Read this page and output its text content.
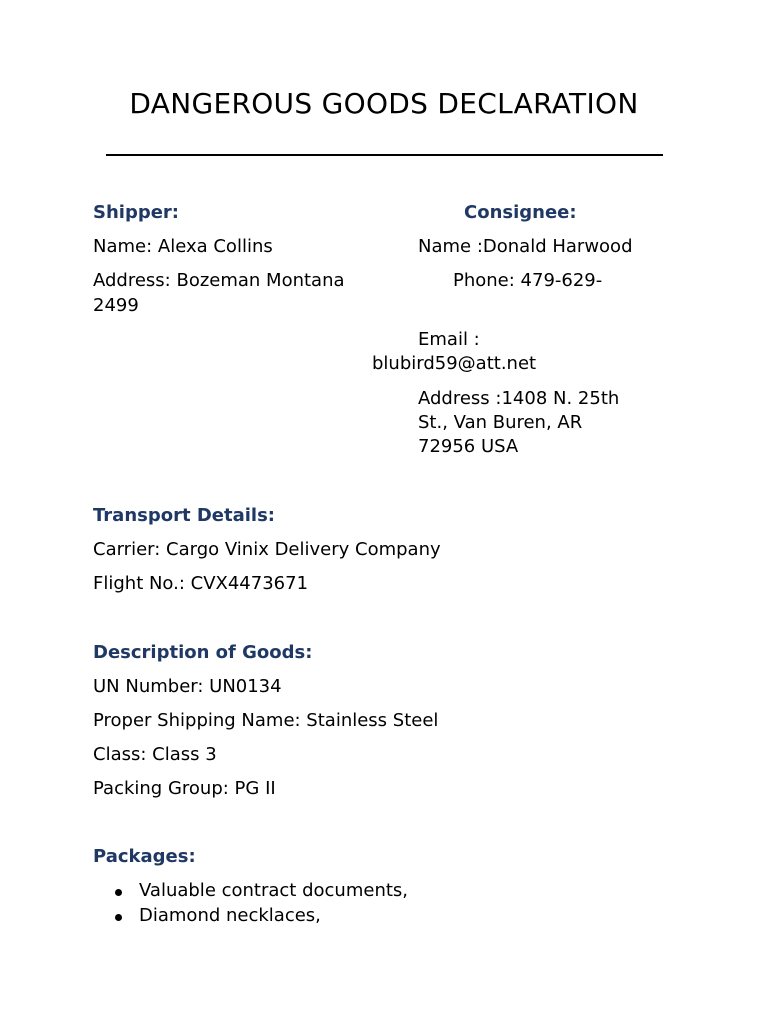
DANGEROUS GOODS DECLARATION
Shipper:
Name: Alexa Collins
Address: Bozeman Montana
2499
Consignee:
Name :Donald Harwood
Phone: 479-629-
Email :
blubird59@att.net
Address :1408 N. 25th
St., Van Buren, AR
72956 USA
Transport Details:
Carrier: Cargo Vinix Delivery Company
Flight No.: CVX4473671
Description of Goods:
UN Number: UN0134
Proper Shipping Name: Stainless Steel
Class: Class 3
Packing Group: PG II
Packages:
Valuable contract documents,
Diamond necklaces,
